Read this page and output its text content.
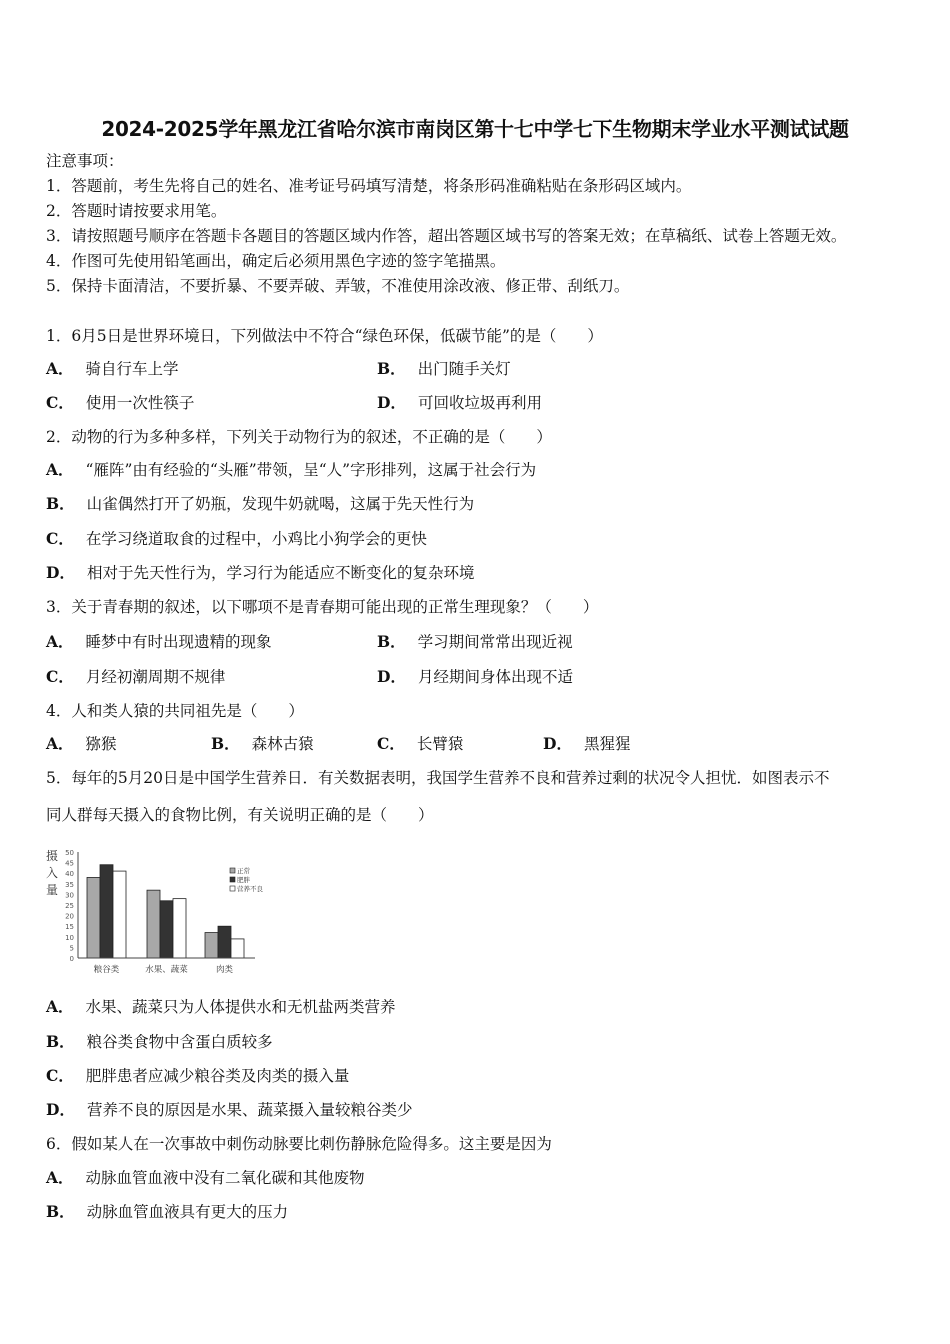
2024-2025学年黑龙江省哈尔滨市南岗区第十七中学七下生物期末学业水平测试试题
注意事项：
1．答题前，考生先将自己的姓名、准考证号码填写清楚，将条形码准确粘贴在条形码区域内。
2．答题时请按要求用笔。
3．请按照题号顺序在答题卡各题目的答题区域内作答，超出答题区域书写的答案无效；在草稿纸、试卷上答题无效。
4．作图可先使用铅笔画出，确定后必须用黑色字迹的签字笔描黑。
5．保持卡面清洁，不要折暴、不要弄破、弄皱，不准使用涂改液、修正带、刮纸刀。
1．6月5日是世界环境日，下列做法中不符合“绿色环保，低碳节能”的是（　　）
A． 骑自行车上学	B． 出门随手关灯
C． 使用一次性筷子	D． 可回收垃圾再利用
2．动物的行为多种多样，下列关于动物行为的叙述，不正确的是（　　）
A． “雁阵”由有经验的“头雁”带领，呈“人”字形排列，这属于社会行为
B． 山雀偶然打开了奶瓶，发现牛奶就喝，这属于先天性行为
C． 在学习绕道取食的过程中，小鸡比小狗学会的更快
D． 相对于先天性行为，学习行为能适应不断变化的复杂环境
3．关于青春期的叙述，以下哪项不是青春期可能出现的正常生理现象？（　　）
A． 睡梦中有时出现遗精的现象	B． 学习期间常常出现近视
C． 月经初潮周期不规律	D． 月经期间身体出现不适
4．人和类人猿的共同祖先是（　　）
A． 猕猴	B． 森林古猿	C． 长臂猿	D． 黑猩猩
5．每年的5月20日是中国学生营养日．有关数据表明，我国学生营养不良和营养过剩的状况令人担忧．如图表示不
同人群每天摄入的食物比例，有关说明正确的是（　　）
摄
入
量
0
5
10
15
20
25
30
35
40
45
50
粮谷类	水果、蔬菜	肉类
正常
肥胖
营养不良
A． 水果、蔬菜只为人体提供水和无机盐两类营养
B． 粮谷类食物中含蛋白质较多
C． 肥胖患者应减少粮谷类及肉类的摄入量
D． 营养不良的原因是水果、蔬菜摄入量较粮谷类少
6．假如某人在一次事故中刺伤动脉要比刺伤静脉危险得多。这主要是因为
A． 动脉血管血液中没有二氧化碳和其他废物
B． 动脉血管血液具有更大的压力
